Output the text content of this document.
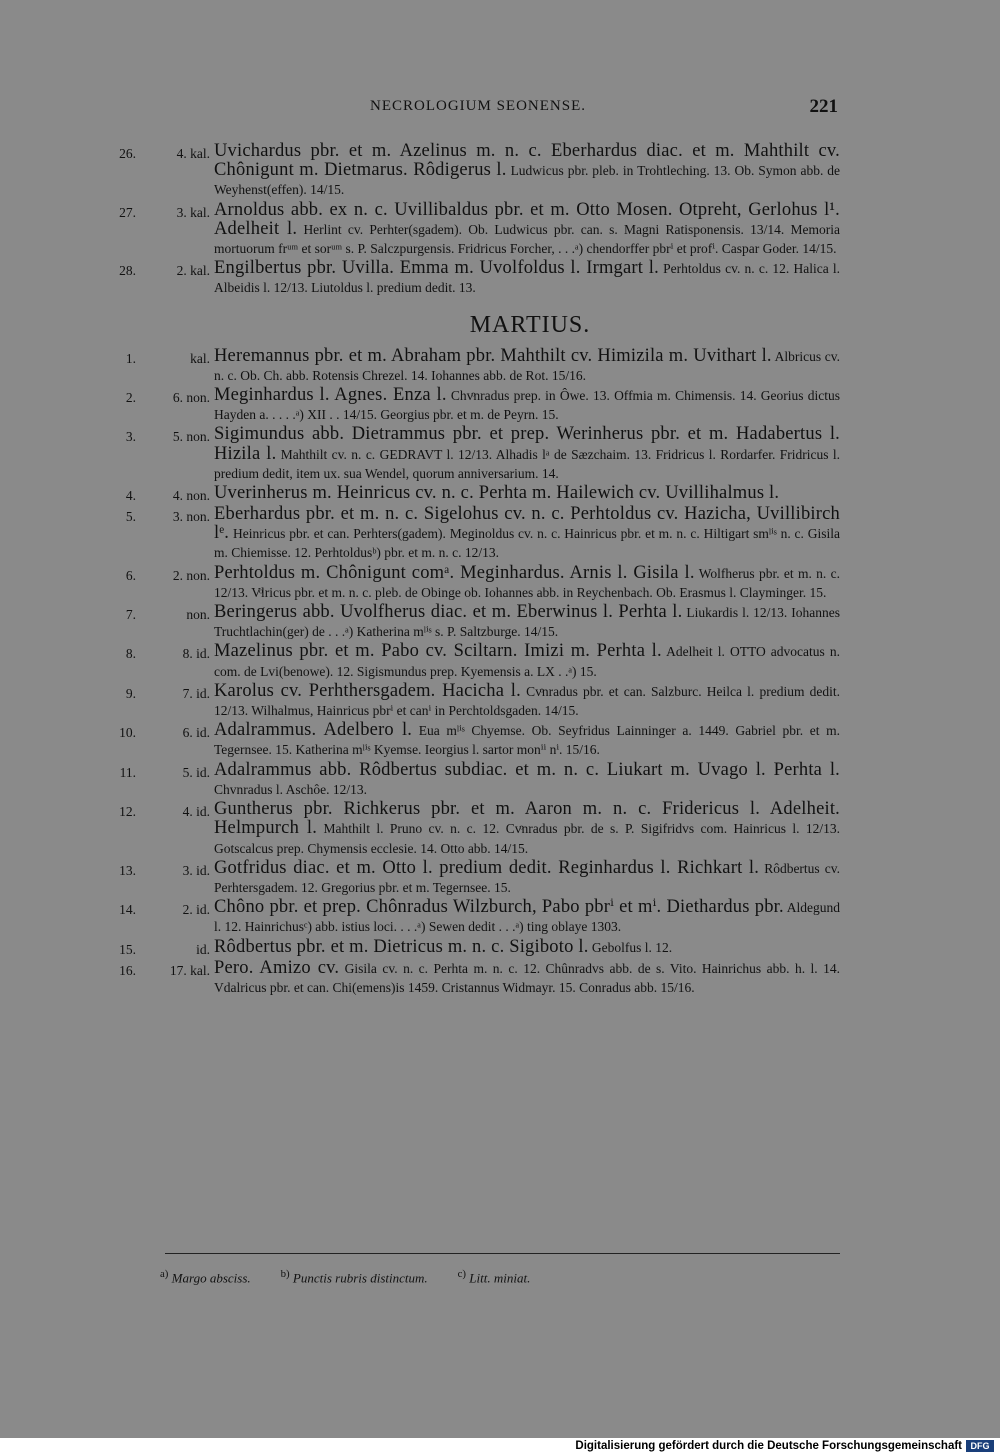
NECROLOGIUM SEONENSE.	221
26.	4. kal. Uvichardus pbr. et m. Azelinus m. n. c. Eberhardus diac. et m. Mahthilt cv. Chônigunt m. Dietmarus. Rôdigerus l. Ludwicus pbr. pleb. in Trohtleching. 13. Ob. Symon abb. de Weyhenst(effen). 14/15.
27.	3. kal. Arnoldus abb. ex n. c. Uvillibaldus pbr. et m. Otto Mosen. Otpreht, Gerlohus l¹. Adelheit l. Herlint cv. Perhter(sgadem). Ob. Ludwicus pbr. can. s. Magni Ratisponensis. 13/14. Memoria mortuorum frᵘᵐ et sorᵘᵐ s. P. Salczpurgensis. Fridricus Forcher, . . .ᵃ) chendorffer pbrⁱ et profⁱ. Caspar Goder. 14/15.
28.	2. kal. Engilbertus pbr. Uvilla. Emma m. Uvolfoldus l. Irmgart l. Perhtoldus cv. n. c. 12. Halica l. Albeidis l. 12/13. Liutoldus l. predium dedit. 13.
MARTIUS.
1.	kal. Heremannus pbr. et m. Abraham pbr. Mahthilt cv. Himizila m. Uvithart l. Albricus cv. n. c. Ob. Ch. abb. Rotensis Chrezel. 14. Iohannes abb. de Rot. 15/16.
2.	6. non. Meginhardus l. Agnes. Enza l. Chvͦnradus prep. in Ôwe. 13. Offmia m. Chimensis. 14. Georius dictus Hayden a. . . . .ᵃ) XII . . 14/15. Georgius pbr. et m. de Peyrn. 15.
3.	5. non. Sigimundus abb. Dietrammus pbr. et prep. Werinherus pbr. et m. Hadabertus l. Hizila l. Mahthilt cv. n. c. GEDRAVT l. 12/13. Alhadis lᵃ de Sæzchaim. 13. Fridricus l. Rordarfer. Fridricus l. predium dedit, item ux. sua Wendel, quorum anniversarium. 14.
4.	4. non. Uverinherus m. Heinricus cv. n. c. Perhta m. Hailewich cv. Uvillihalmus l.
5.	3. non. Eberhardus pbr. et m. n. c. Sigelohus cv. n. c. Perhtoldus cv. Hazicha, Uvillibirch lᵉ. Heinricus pbr. et can. Perhters(gadem). Meginoldus cv. n. c. Hainricus pbr. et m. n. c. Hiltigart smˡⁱˢ n. c. Gisila m. Chiemisse. 12. Perhtoldusᵇ) pbr. et m. n. c. 12/13.
6.	2. non. Perhtoldus m. Chônigunt comᵃ. Meginhardus. Arnis l. Gisila l. Wolfherus pbr. et m. n. c. 12/13. Vͦlricus pbr. et m. n. c. pleb. de Obinge ob. Iohannes abb. in Reychenbach. Ob. Erasmus l. Clayminger. 15.
7.	non. Beringerus abb. Uvolfherus diac. et m. Eberwinus l. Perhta l. Liukardis l. 12/13. Iohannes Truchtlachin(ger) de . . .ᵃ) Katherina mˡⁱˢ s. P. Saltzburge. 14/15.
8.	8. id. Mazelinus pbr. et m. Pabo cv. Sciltarn. Imizi m. Perhta l. Adelheit l. OTTO advocatus n. com. de Lvi(benowe). 12. Sigismundus prep. Kyemensis a. LX . .ᵃ) 15.
9.	7. id. Karolus cv. Perhthersgadem. Hacicha l. Cvͦnradus pbr. et can. Salzburc. Heilca l. predium dedit. 12/13. Wilhalmus, Hainricus pbrⁱ et canⁱ in Perchtoldsgaden. 14/15.
10.	6. id. Adalrammus. Adelbero l. Eua mˡⁱˢ Chyemse. Ob. Seyfridus Lainninger a. 1449. Gabriel pbr. et m. Tegernsee. 15. Katherina mˡⁱˢ Kyemse. Ieorgius l. sartor monⁱⁱ nⁱ. 15/16.
11.	5. id. Adalrammus abb. Rôdbertus subdiac. et m. n. c. Liukart m. Uvago l. Perhta l. Chvnradus l. Aschôe. 12/13.
12.	4. id. Guntherus pbr. Richkerus pbr. et m. Aaron m. n. c. Fridericus l. Adelheit. Helmpurch l. Mahthilt l. Pruno cv. n. c. 12. Cvͦnradus pbr. de s. P. Sigifridvs com. Hainricus l. 12/13. Gotscalcus prep. Chymensis ecclesie. 14. Otto abb. 14/15.
13.	3. id. Gotfridus diac. et m. Otto l. predium dedit. Reginhardus l. Richkart l. Rôdbertus cv. Perhtersgadem. 12. Gregorius pbr. et m. Tegernsee. 15.
14.	2. id. Chôno pbr. et prep. Chônradus Wilzburch, Pabo pbrⁱ et mⁱ. Diethardus pbr. Aldegund l. 12. Hainrichusᶜ) abb. istius loci. . . .ᵃ) Sewen dedit . . .ᵃ) ting oblaye 1303.
15.	id. Rôdbertus pbr. et m. Dietricus m. n. c. Sigiboto l. Gebolfus l. 12.
16.	17. kal. Pero. Amizo cv. Gisila cv. n. c. Perhta m. n. c. 12. Chûnradvs abb. de s. Vito. Hainrichus abb. h. l. 14. Vdalricus pbr. et can. Chi(emens)is 1459. Cristannus Widmayr. 15. Conradus abb. 15/16.
$^{a)}$ Margo absciss.	$^{b)}$ Punctis rubris distinctum.	$^{c)}$ Litt. miniat.
Digitalisierung gefördert durch die Deutsche Forschungsgemeinschaft DFG
